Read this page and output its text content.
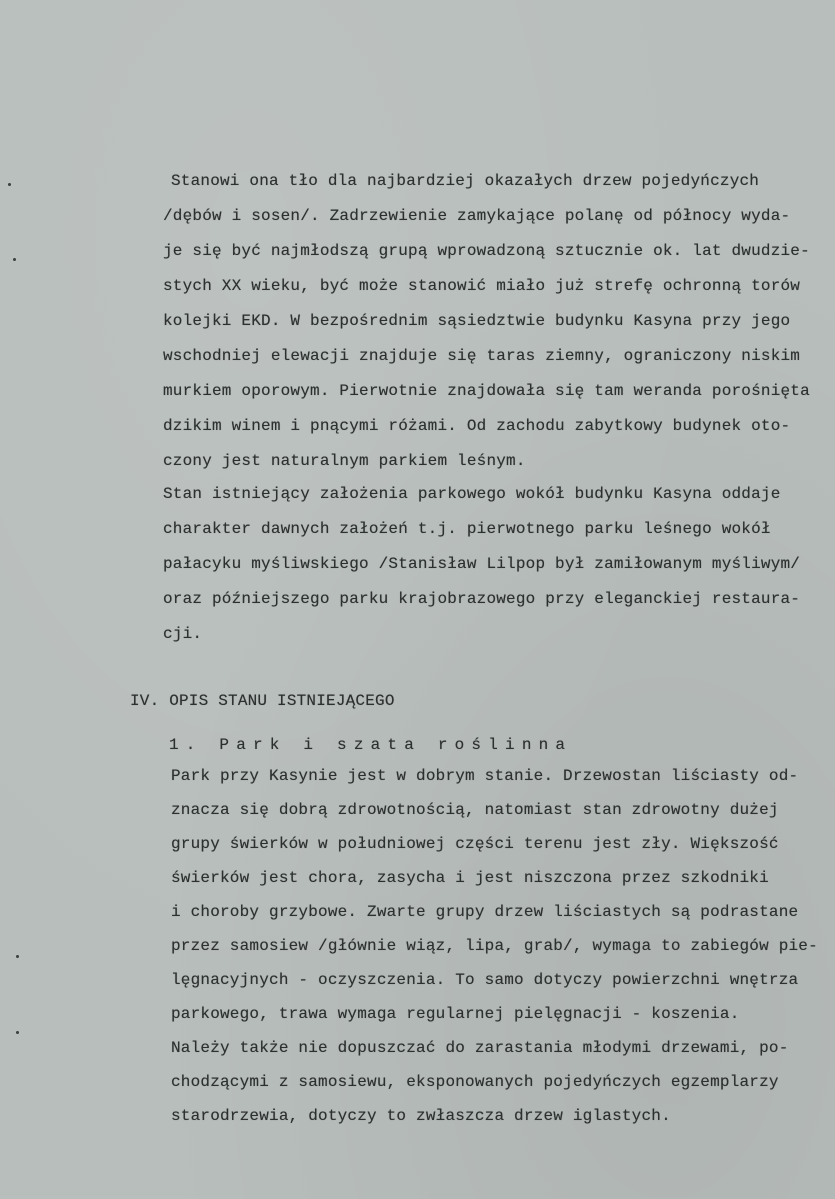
Stanowi ona tło dla najbardziej okazałych drzew pojedyńczych
/dębów i sosen/. Zadrzewienie zamykające polanę od północy wyda-
je się być najmłodszą grupą wprowadzoną sztucznie ok. lat dwudzie-
stych XX wieku, być może stanowić miało już strefę ochronną torów
kolejki EKD. W bezpośrednim sąsiedztwie budynku Kasyna przy jego
wschodniej elewacji znajduje się taras ziemny, ograniczony niskim
murkiem oporowym. Pierwotnie znajdowała się tam weranda porośnięta
dzikim winem i pnącymi różami. Od zachodu zabytkowy budynek oto-
czony jest naturalnym parkiem leśnym.
Stan istniejący założenia parkowego wokół budynku Kasyna oddaje
charakter dawnych założeń t.j. pierwotnego parku leśnego wokół
pałacyku myśliwskiego /Stanisław Lilpop był zamiłowanym myśliwym/
oraz późniejszego parku krajobrazowego przy eleganckiej restaura-
cji.
IV. OPIS STANU ISTNIEJĄCEGO
1. Park i szata roślinna
Park przy Kasynie jest w dobrym stanie. Drzewostan liściasty od-
znacza się dobrą zdrowotnością, natomiast stan zdrowotny dużej
grupy świerków w południowej części terenu jest zły. Większość
świerków jest chora, zasycha i jest niszczona przez szkodniki
i choroby grzybowe. Zwarte grupy drzew liściastych są podrastane
przez samosiew /głównie wiąz, lipa, grab/, wymaga to zabiegów pie-
lęgnacyjnych - oczyszczenia. To samo dotyczy powierzchni wnętrza
parkowego, trawa wymaga regularnej pielęgnacji - koszenia.
Należy także nie dopuszczać do zarastania młodymi drzewami, po-
chodzącymi z samosiewu, eksponowanych pojedyńczych egzemplarzy
starodrzewia, dotyczy to zwłaszcza drzew iglastych.
